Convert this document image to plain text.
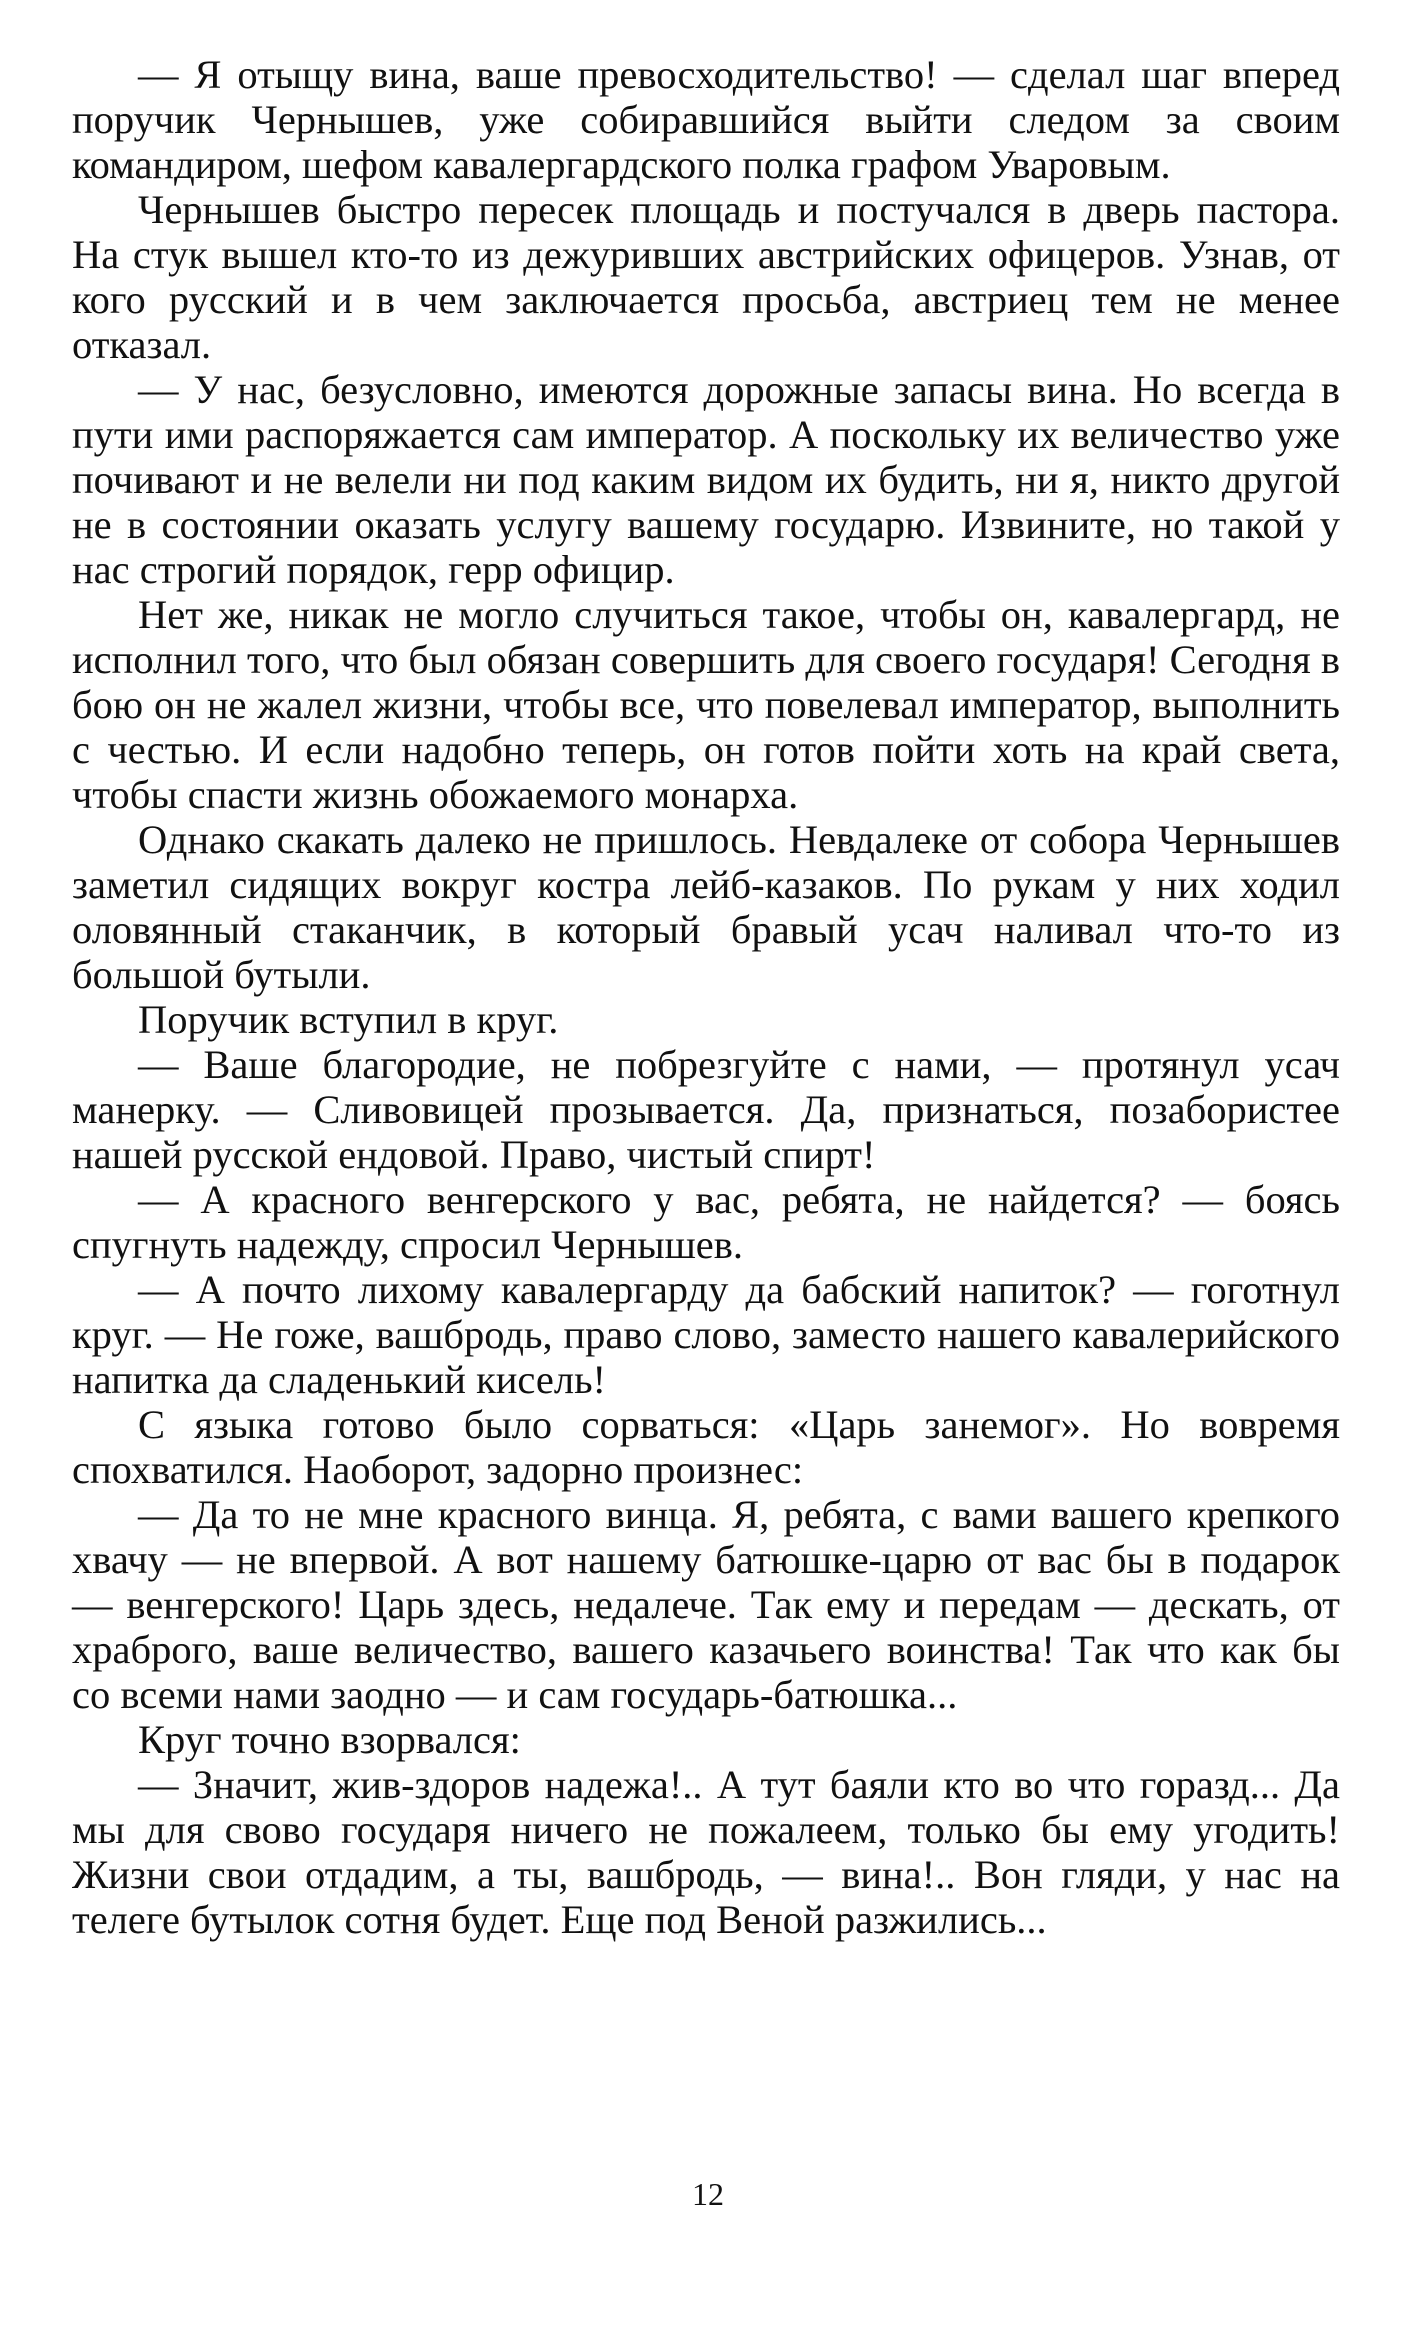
— Я отыщу вина, ваше превосходительство! — сделал шаг вперед поручик Чернышев, уже собиравшийся выйти следом за своим командиром, шефом кавалергардского полка графом Уваровым.

Чернышев быстро пересек площадь и постучался в дверь пастора. На стук вышел кто-то из дежуривших австрийских офицеров. Узнав, от кого русский и в чем заключается просьба, австриец тем не менее отказал.

— У нас, безусловно, имеются дорожные запасы вина. Но всегда в пути ими распоряжается сам император. А поскольку их величество уже почивают и не велели ни под каким видом их будить, ни я, никто другой не в состоянии оказать услугу вашему государю. Извините, но такой у нас строгий порядок, герр официр.

Нет же, никак не могло случиться такое, чтобы он, кавалергард, не исполнил того, что был обязан совершить для своего государя! Сегодня в бою он не жалел жизни, чтобы все, что повелевал император, выполнить с честью. И если надобно теперь, он готов пойти хоть на край света, чтобы спасти жизнь обожаемого монарха.

Однако скакать далеко не пришлось. Невдалеке от собора Чернышев заметил сидящих вокруг костра лейб-казаков. По рукам у них ходил оловянный стаканчик, в который бравый усач наливал что-то из большой бутыли.

Поручик вступил в круг.

— Ваше благородие, не побрезгуйте с нами, — протянул усач манерку. — Сливовицей прозывается. Да, признаться, позабористее нашей русской ендовой. Право, чистый спирт!

— А красного венгерского у вас, ребята, не найдется? — боясь спугнуть надежду, спросил Чернышев.

— А почто лихому кавалергарду да бабский напиток? — гоготнул круг. — Не гоже, вашбродь, право слово, заместо нашего кавалерийского напитка да сладенький кисель!

С языка готово было сорваться: «Царь занемог». Но вовремя спохватился. Наоборот, задорно произнес:

— Да то не мне красного винца. Я, ребята, с вами вашего крепкого хвачу — не впервой. А вот нашему батюшке-царю от вас бы в подарок — венгерского! Царь здесь, недалече. Так ему и передам — дескать, от храброго, ваше величество, вашего казачьего воинства! Так что как бы со всеми нами заодно — и сам государь-батюшка...

Круг точно взорвался:

— Значит, жив-здоров надежа!.. А тут баяли кто во что горазд... Да мы для свово государя ничего не пожалеем, только бы ему угодить! Жизни свои отдадим, а ты, вашбродь, — вина!.. Вон гляди, у нас на телеге бутылок сотня будет. Еще под Веной разжились...

12
